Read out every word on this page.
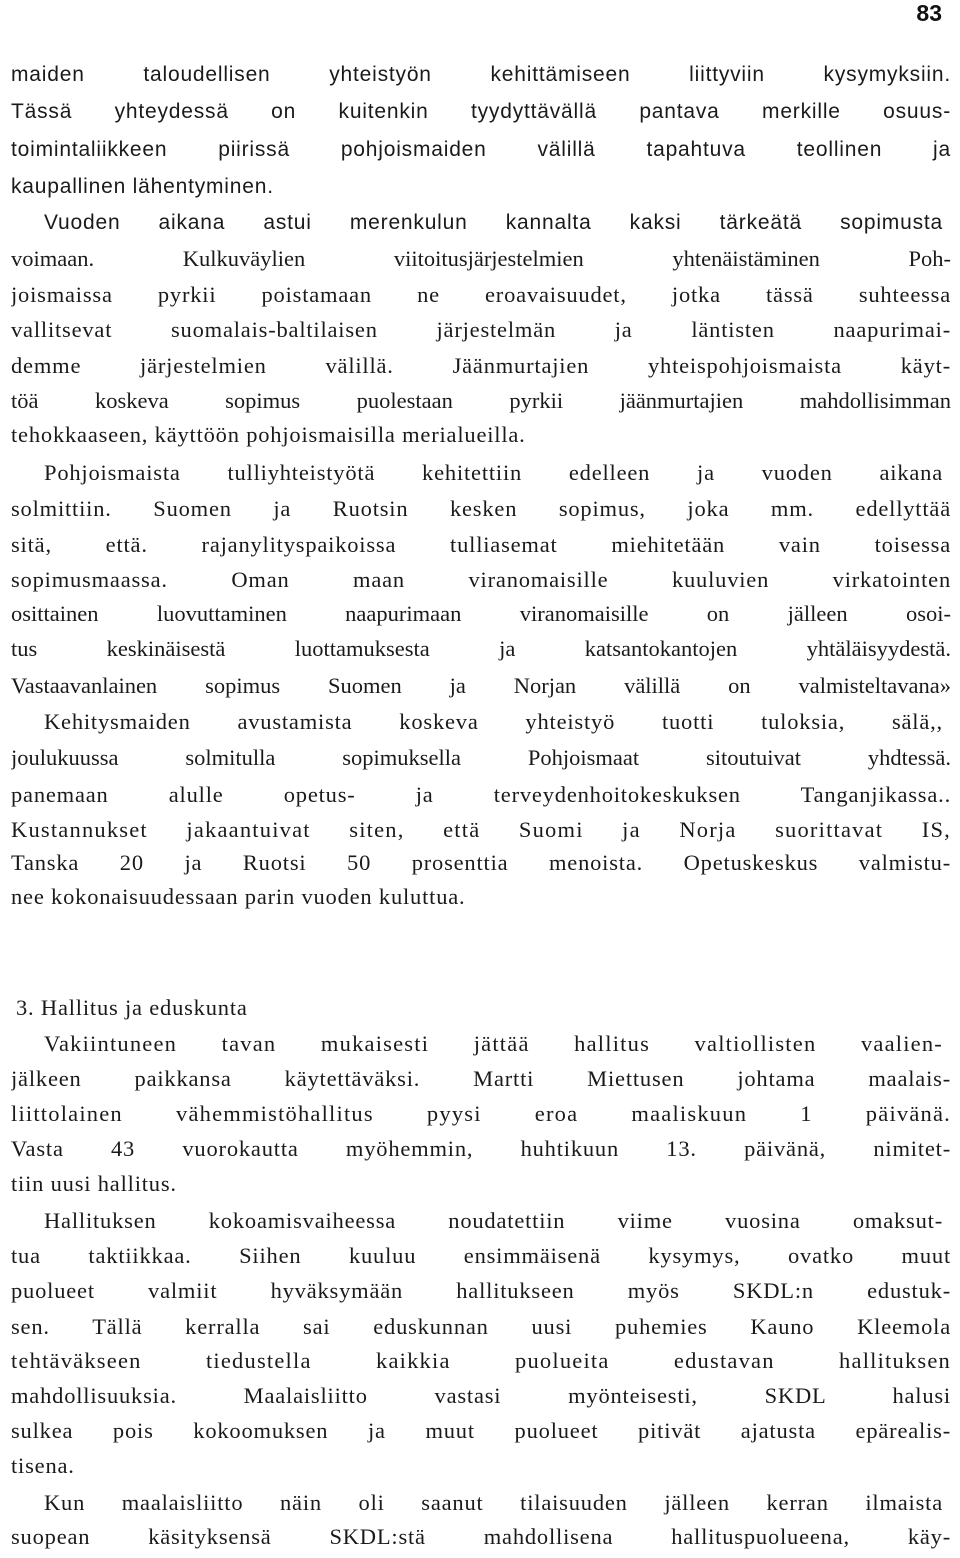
83
maiden taloudellisen yhteistyön kehittämiseen liittyviin kysymyksiin.
Tässä yhteydessä on kuitenkin tyydyttävällä pantava merkille osuus-
toimintaliikkeen piirissä pohjoismaiden välillä tapahtuva teollinen ja
kaupallinen lähentyminen.
Vuoden aikana astui merenkulun kannalta kaksi tärkeätä sopimusta
voimaan. Kulkuväylien viitoitusjärjestelmien yhtenäistäminen Poh-
joismaissa pyrkii poistamaan ne eroavaisuudet, jotka tässä suhteessa
vallitsevat suomalais-baltilaisen järjestelmän ja läntisten naapurimai-
demme järjestelmien välillä. Jäänmurtajien yhteispohjoismaista käyt-
töä koskeva sopimus puolestaan pyrkii jäänmurtajien mahdollisimman
tehokkaaseen, käyttöön pohjoismaisilla merialueilla.
Pohjoismaista tulliyhteistyötä kehitettiin edelleen ja vuoden aikana
solmittiin. Suomen ja Ruotsin kesken sopimus, joka mm. edellyttää
sitä, että. rajanylityspaikoissa tulliasemat miehitetään vain toisessa
sopimusmaassa. Oman maan viranomaisille kuuluvien virkatointen
osittainen luovuttaminen naapurimaan viranomaisille on jälleen osoi-
tus keskinäisestä luottamuksesta ja katsantokantojen yhtäläisyydestä.
Vastaavanlainen sopimus Suomen ja Norjan välillä on valmisteltavana»
Kehitysmaiden avustamista koskeva yhteistyö tuotti tuloksia, sälä,,
joulukuussa solmitulla sopimuksella Pohjoismaat sitoutuivat yhdtessä.
panemaan alulle opetus- ja terveydenhoitokeskuksen Tanganjikassa..
Kustannukset jakaantuivat siten, että Suomi ja Norja suorittavat IS,
Tanska 20 ja Ruotsi 50 prosenttia menoista. Opetuskeskus valmistu-
nee kokonaisuudessaan parin vuoden kuluttua.
3. Hallitus ja eduskunta
Vakiintuneen tavan mukaisesti jättää hallitus valtiollisten vaalien-
jälkeen paikkansa käytettäväksi. Martti Miettusen johtama maalais-
liittolainen vähemmistöhallitus pyysi eroa maaliskuun 1 päivänä.
Vasta 43 vuorokautta myöhemmin, huhtikuun 13. päivänä, nimitet-
tiin uusi hallitus.
Hallituksen kokoamisvaiheessa noudatettiin viime vuosina omaksut-
tua taktiikkaa. Siihen kuuluu ensimmäisenä kysymys, ovatko muut
puolueet valmiit hyväksymään hallitukseen myös SKDL:n edustuk-
sen. Tällä kerralla sai eduskunnan uusi puhemies Kauno Kleemola
tehtäväkseen tiedustella kaikkia puolueita edustavan hallituksen
mahdollisuuksia. Maalaisliitto vastasi myönteisesti, SKDL halusi
sulkea pois kokoomuksen ja muut puolueet pitivät ajatusta epärealis-
tisena.
Kun maalaisliitto näin oli saanut tilaisuuden jälleen kerran ilmaista
suopean käsityksensä SKDL:stä mahdollisena hallituspuolueena, käy-
